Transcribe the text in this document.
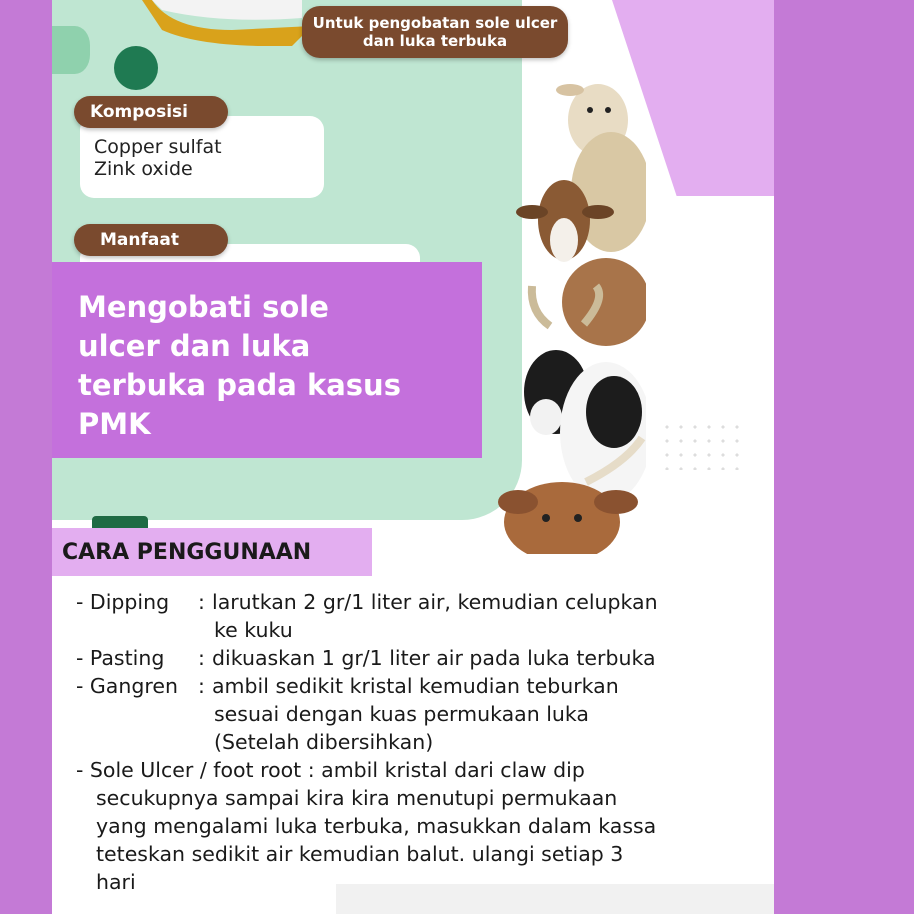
Untuk pengobatan sole ulcer
dan luka terbuka
Komposisi
Copper sulfat
Zink oxide
Manfaat
Mengobati sole
ulcer dan luka
terbuka pada kasus
PMK
CARA PENGGUNAAN
- Dipping	: larutkan 2 gr/1 liter air, kemudian celupkan
ke kuku
- Pasting	: dikuaskan 1 gr/1 liter air pada luka terbuka
- Gangren : ambil sedikit kristal kemudian teburkan
sesuai dengan kuas permukaan luka
(Setelah dibersihkan)
- Sole Ulcer / foot root : ambil kristal dari claw dip
secukupnya sampai kira kira menutupi permukaan
yang mengalami luka terbuka, masukkan dalam kassa
teteskan sedikit air kemudian balut. ulangi setiap 3
hari
